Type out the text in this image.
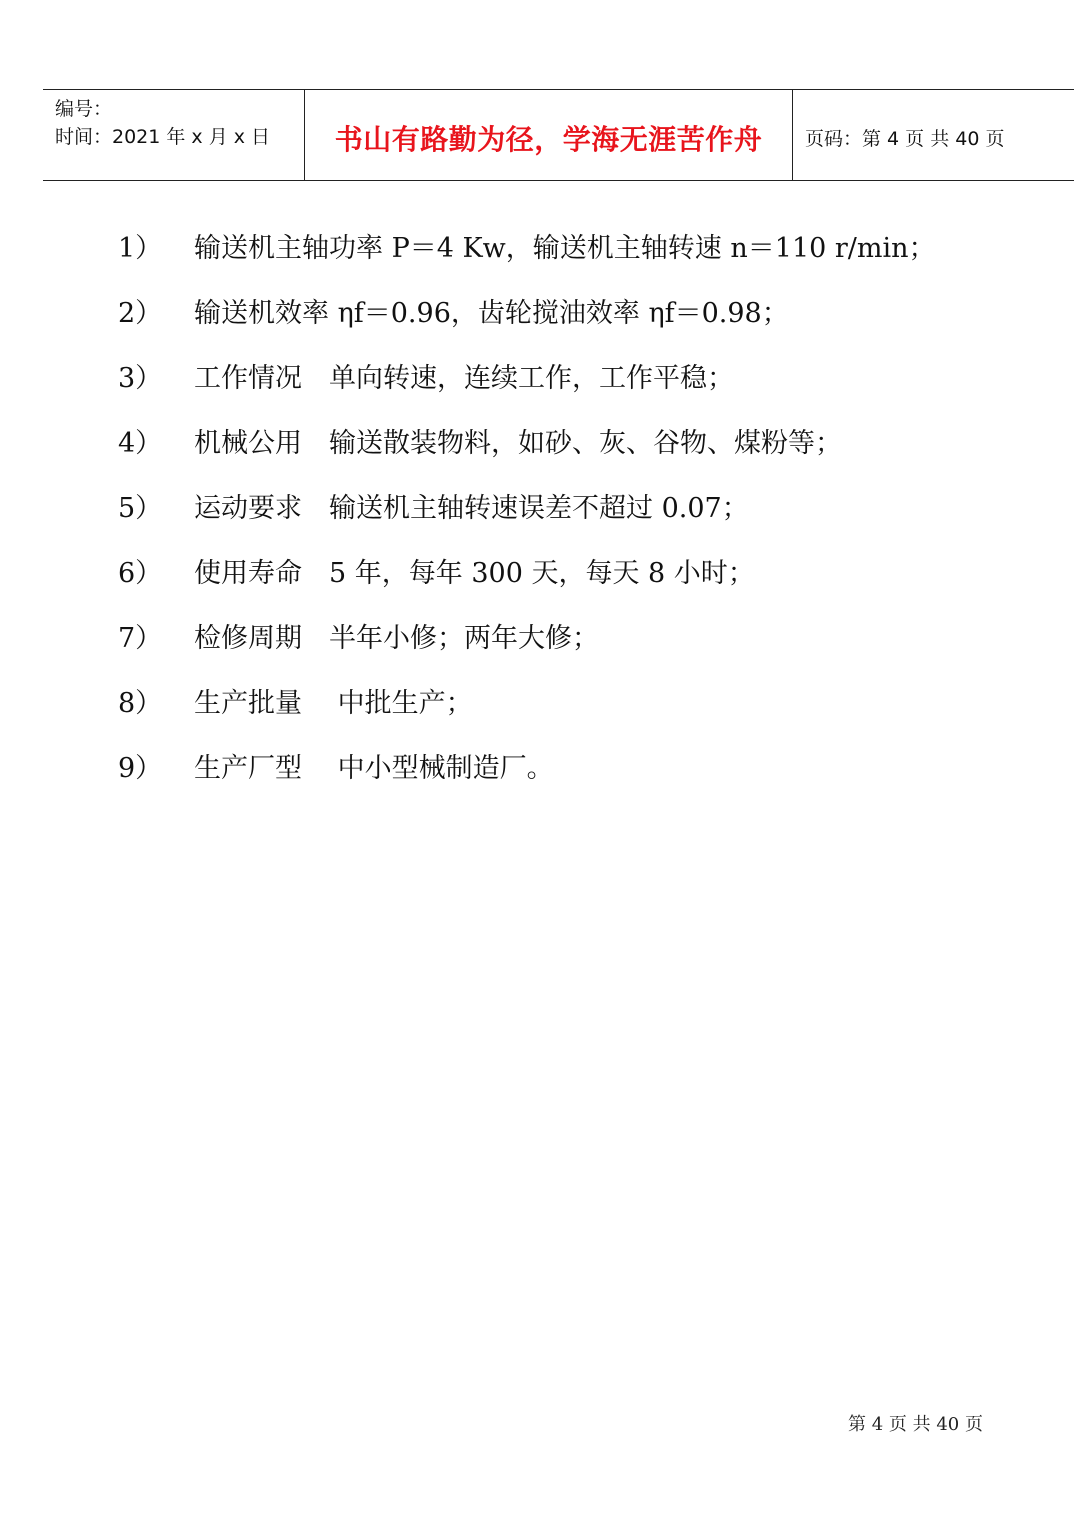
编号：
时间：2021 年 x 月 x 日	书山有路勤为径，学海无涯苦作舟	页码：第 4 页 共 40 页
1）	输送机主轴功率 P＝4 Kw，输送机主轴转速 n＝110 r/min；
2）	输送机效率 ηf＝0.96，齿轮搅油效率 ηf＝0.98；
3）	工作情况　单向转速，连续工作，工作平稳；
4）	机械公用　输送散装物料，如砂、灰、谷物、煤粉等；
5）	运动要求　输送机主轴转速误差不超过 0.07；
6）	使用寿命　5 年，每年 300 天，每天 8 小时；
7）	检修周期　半年小修；两年大修；
8）	生产批量　 中批生产；
9）	生产厂型　 中小型械制造厂。
第 4 页 共 40 页
